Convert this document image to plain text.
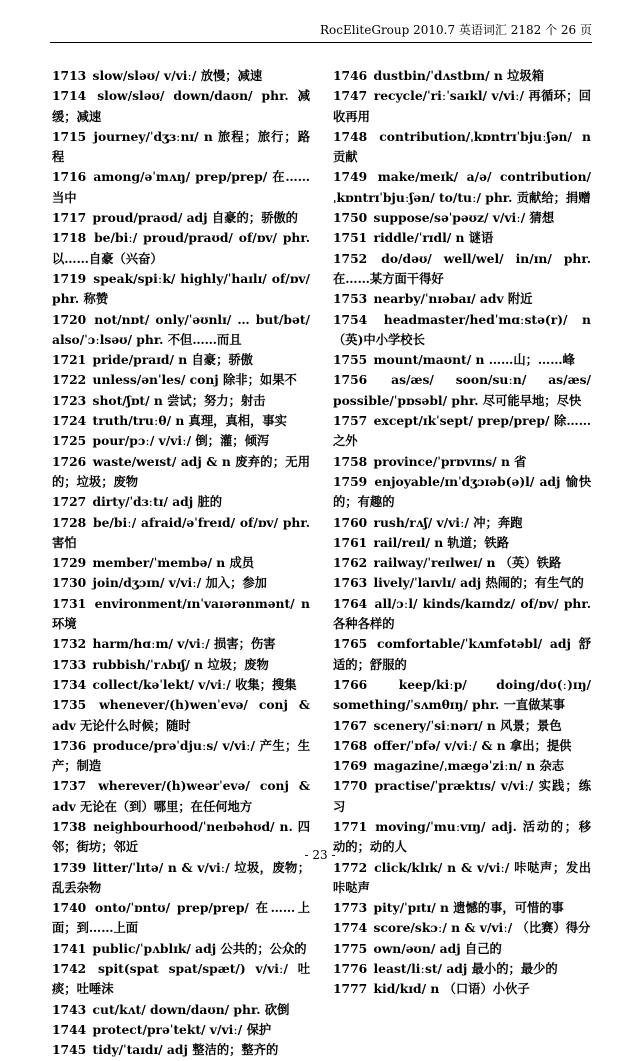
RocEliteGroup 2010.7 英语词汇 2182 个 26 页

1713 slow/sləʊ/ v/viː/ 放慢；减速

1714 slow/sləʊ/ down/daʊn/ phr. 减缓；减速

1715 journey/ˈdʒɜːnɪ/ n 旅程；旅行；路程

1716 among/əˈmʌŋ/ prep/prep/ 在……当中

1717 proud/praʊd/ adj 自豪的；骄傲的

1718 be/biː/ proud/praʊd/ of/ɒv/ phr. 以……自豪（兴奋）

1719 speak/spiːk/ highly/ˈhaɪlɪ/ of/ɒv/ phr. 称赞

1720 not/nɒt/ only/ˈəʊnlɪ/ … but/bət/ also/ˈɔːlsəʊ/ phr. 不但……而且

1721 pride/praɪd/ n 自豪；骄傲

1722 unless/ənˈles/ conj 除非；如果不

1723 shot/ʃɒt/ n 尝试；努力；射击

1724 truth/truːθ/ n 真理，真相，事实

1725 pour/pɔː/ v/viː/ 倒；灌；倾泻

1726 waste/weɪst/ adj & n 废弃的；无用的；垃圾；废物

1727 dirty/ˈdɜːtɪ/ adj 脏的

1728 be/biː/ afraid/əˈfreɪd/ of/ɒv/ phr. 害怕

1729 member/ˈmembə/ n 成员

1730 join/dʒɔɪn/ v/viː/ 加入；参加

1731 environment/ɪnˈvaɪərənmənt/ n 环境

1732 harm/hɑːm/ v/viː/ 损害；伤害

1733 rubbish/ˈrʌbɪʃ/ n 垃圾；废物

1734 collect/kəˈlekt/ v/viː/ 收集；搜集

1735 whenever/(h)wenˈevə/ conj & adv 无论什么时候；随时

1736 produce/prəˈdjuːs/ v/viː/ 产生；生产；制造

1737 wherever/(h)weərˈevə/ conj & adv 无论在（到）哪里；在任何地方

1738 neighbourhood/ˈneɪbəhʊd/ n. 四邻；街坊；邻近

1739 litter/ˈlɪtə/ n & v/viː/ 垃圾，废物；乱丢杂物

1740 onto/ˈɒntʊ/ prep/prep/ 在……上面；到……上面

1741 public/ˈpʌblɪk/ adj 公共的；公众的

1742 spit(spat spat/spæt/) v/viː/ 吐痰；吐唾沫

1743 cut/kʌt/ down/daʊn/ phr. 砍倒

1744 protect/prəˈtekt/ v/viː/ 保护

1745 tidy/ˈtaɪdɪ/ adj 整洁的；整齐的

1746 dustbin/ˈdʌstbɪn/ n 垃圾箱

1747 recycle/ˈriːˈsaɪkl/ v/viː/ 再循环；回收再用

1748 contribution/ˌkɒntrɪˈbjuːʃən/ n 贡献

1749 make/meɪk/ a/ə/ contribution/ˌkɒntrɪˈbjuːʃən/ to/tuː/ phr. 贡献给；捐赠

1750 suppose/səˈpəʊz/ v/viː/ 猜想

1751 riddle/ˈrɪdl/ n 谜语

1752 do/dəʊ/ well/wel/ in/ɪn/ phr. 在……某方面干得好

1753 nearby/ˈnɪəbaɪ/ adv 附近

1754 headmaster/hedˈmɑːstə(r)/ n （英)中小学校长

1755 mount/maʊnt/ n ……山；……峰

1756 as/æs/ soon/suːn/ as/æs/ possible/ˈpɒsəbl/ phr. 尽可能早地；尽快

1757 except/ɪkˈsept/ prep/prep/ 除……之外

1758 province/ˈprɒvɪns/ n 省

1759 enjoyable/ɪnˈdʒɔɪəb(ə)l/ adj 愉快的；有趣的

1760 rush/rʌʃ/ v/viː/ 冲；奔跑

1761 rail/reɪl/ n 轨道；铁路

1762 railway/ˈreɪlweɪ/ n （英）铁路

1763 lively/ˈlaɪvlɪ/ adj 热闹的；有生气的

1764 all/ɔːl/ kinds/kaɪndz/ of/ɒv/ phr. 各种各样的

1765 comfortable/ˈkʌmfətəbl/ adj 舒适的；舒服的

1766 keep/kiːp/ doing/dʊ(ː)ɪŋ/ something/ˈsʌmθɪŋ/ phr. 一直做某事

1767 scenery/ˈsiːnərɪ/ n 风景；景色

1768 offer/ˈɒfə/ v/viː/ & n 拿出；提供

1769 magazine/ˌmægəˈziːn/ n 杂志

1770 practise/ˈpræktɪs/ v/viː/ 实践；练习

1771 moving/ˈmuːvɪŋ/ adj. 活动的；移动的；动的人

1772 click/klɪk/ n & v/viː/ 咔哒声；发出咔哒声

1773 pity/ˈpɪtɪ/ n 遗憾的事，可惜的事

1774 score/skɔː/ n & v/viː/ （比赛）得分

1775 own/əʊn/ adj 自己的

1776 least/liːst/ adj 最小的；最少的

1777 kid/kɪd/ n （口语）小伙子

- 23 -
